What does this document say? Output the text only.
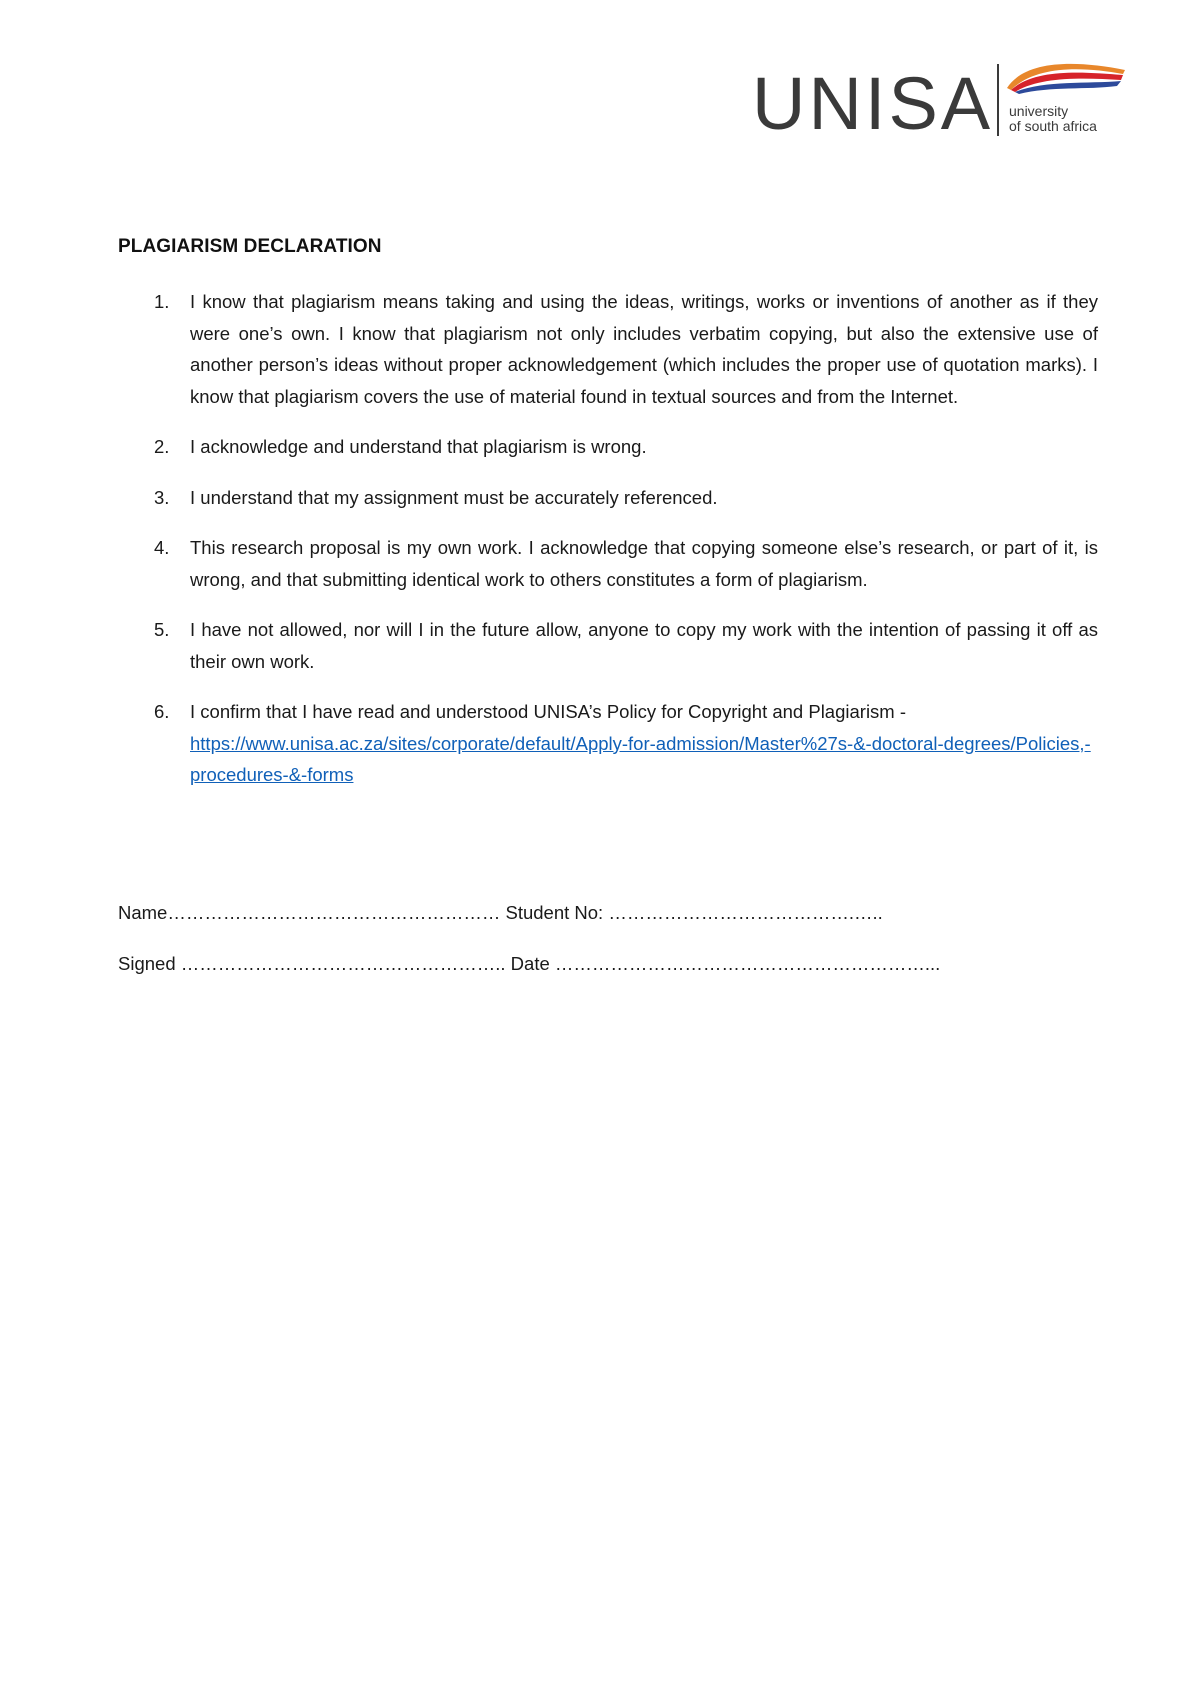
UNISA university
of south africa
PLAGIARISM DECLARATION
1.	I know that plagiarism means taking and using the ideas, writings, works or inventions of another as if they were one’s own. I know that plagiarism not only includes verbatim copying, but also the extensive use of another person’s ideas without proper acknowledgement (which includes the proper use of quotation marks). I know that plagiarism covers the use of material found in textual sources and from the Internet.
2.	I acknowledge and understand that plagiarism is wrong.
3.	I understand that my assignment must be accurately referenced.
4.	This research proposal is my own work. I acknowledge that copying someone else’s research, or part of it, is wrong, and that submitting identical work to others constitutes a form of plagiarism.
5.	I have not allowed, nor will I in the future allow, anyone to copy my work with the intention of passing it off as their own work.
6.	I confirm that I have read and understood UNISA’s Policy for Copyright and Plagiarism -
https://www.unisa.ac.za/sites/corporate/default/Apply-for-admission/Master%27s-&-doctoral-degrees/Policies,-procedures-&-forms
Name……………………………………………… Student No: ………………………………….…..
Signed …………………………………………….. Date ……………………………………………………...
